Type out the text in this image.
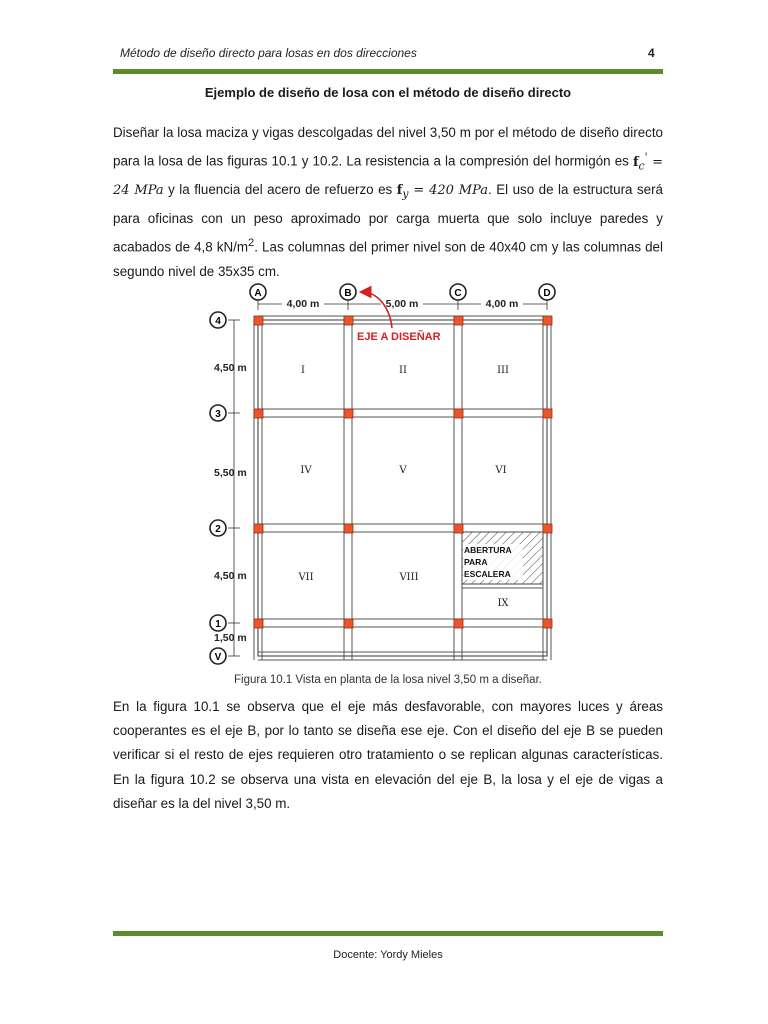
Método de diseño directo para losas en dos direcciones	4
Ejemplo de diseño de losa con el método de diseño directo

Diseñar la losa maciza y vigas descolgadas del nivel 3,50 m por el método de diseño directo para la losa de las figuras 10.1 y 10.2. La resistencia a la compresión del hormigón es $f_c' = 24$ MPa y la fluencia del acero de refuerzo es $f_y = 420$ MPa. El uso de la estructura será para oficinas con un peso aproximado por carga muerta que solo incluye paredes y acabados de 4,8 $kN/m^2$. Las columnas del primer nivel son de 40x40 cm y las columnas del segundo nivel de 35x35 cm.

A	B	C	D
4
3
2
1
V
4,00 m	5,00 m	4,00 m
4,50 m
5,50 m
4,50 m
1,50 m
ABERTURA
PARA
ESCALERA
I	II	III
IV	V	VI
VII	VIII
IX
EJE A DISEÑAR
Figura 10.1 Vista en planta de la losa nivel 3,50 m a diseñar.

En la figura 10.1 se observa que el eje más desfavorable, con mayores luces y áreas cooperantes es el eje B, por lo tanto se diseña ese eje. Con el diseño del eje B se pueden verificar si el resto de ejes requieren otro tratamiento o se replican algunas características. En la figura 10.2 se observa una vista en elevación del eje B, la losa y el eje de vigas a diseñar es la del nivel 3,50 m.

Docente: Yordy Mieles
